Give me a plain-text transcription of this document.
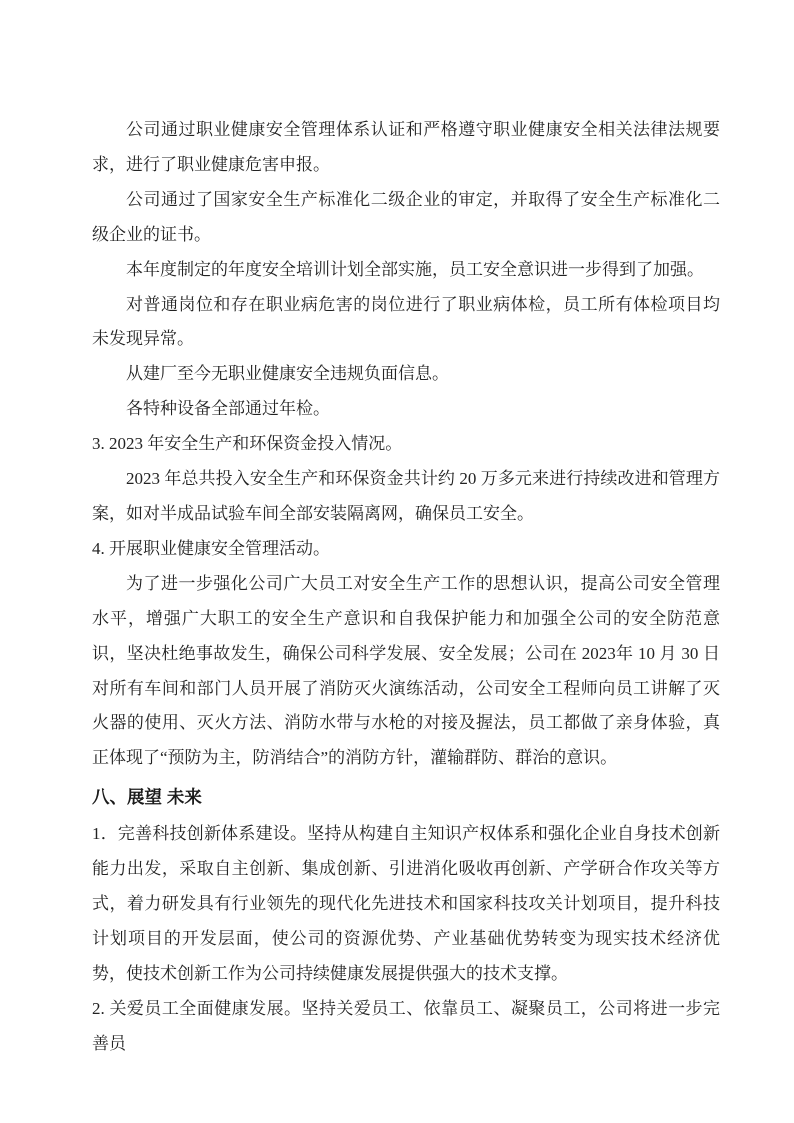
公司通过职业健康安全管理体系认证和严格遵守职业健康安全相关法律法规要求，进行了职业健康危害申报。

公司通过了国家安全生产标准化二级企业的审定，并取得了安全生产标准化二级企业的证书。

本年度制定的年度安全培训计划全部实施，员工安全意识进一步得到了加强。

对普通岗位和存在职业病危害的岗位进行了职业病体检，员工所有体检项目均未发现异常。

从建厂至今无职业健康安全违规负面信息。

各特种设备全部通过年检。

3. 2023 年安全生产和环保资金投入情况。

2023 年总共投入安全生产和环保资金共计约 20 万多元来进行持续改进和管理方案，如对半成品试验车间全部安装隔离网，确保员工安全。

4. 开展职业健康安全管理活动。

为了进一步强化公司广大员工对安全生产工作的思想认识，提高公司安全管理水平，增强广大职工的安全生产意识和自我保护能力和加强全公司的安全防范意识，坚决杜绝事故发生，确保公司科学发展、安全发展；公司在 2023年 10 月 30 日对所有车间和部门人员开展了消防灭火演练活动，公司安全工程师向员工讲解了灭火器的使用、灭火方法、消防水带与水枪的对接及握法，员工都做了亲身体验，真正体现了“预防为主，防消结合”的消防方针，灌输群防、群治的意识。

八、展望 未来

1．完善科技创新体系建设。坚持从构建自主知识产权体系和强化企业自身技术创新能力出发，采取自主创新、集成创新、引进消化吸收再创新、产学研合作攻关等方式，着力研发具有行业领先的现代化先进技术和国家科技攻关计划项目，提升科技计划项目的开发层面，使公司的资源优势、产业基础优势转变为现实技术经济优势，使技术创新工作为公司持续健康发展提供强大的技术支撑。

2. 关爱员工全面健康发展。坚持关爱员工、依靠员工、凝聚员工，公司将进一步完善员
